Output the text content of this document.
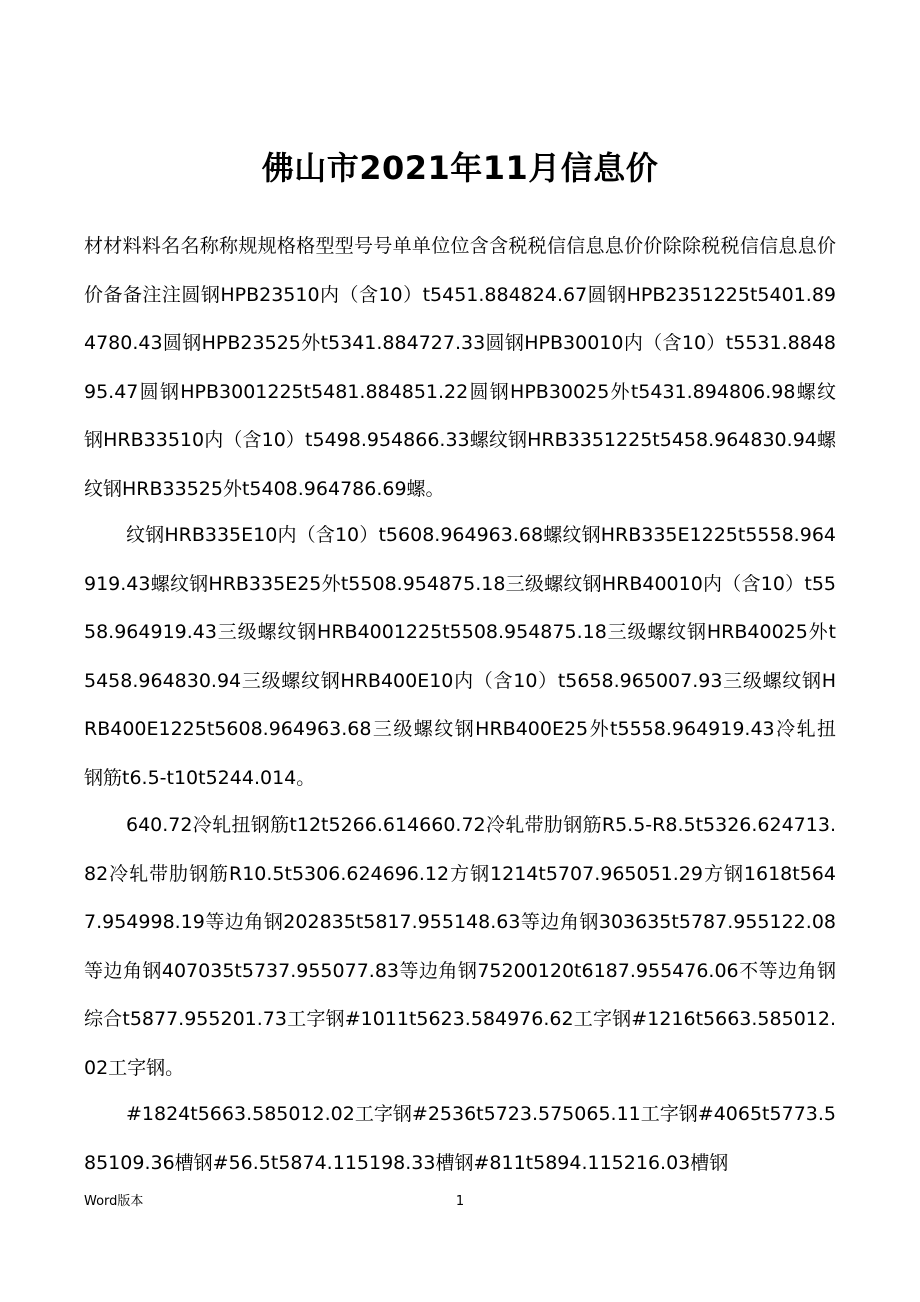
佛山市2021年11月信息价

材材料料名名称称规规格格型型号号单单位位含含税税信信息息价价除除税税信信息息价价备备注注圆钢HPB23510内（含10）t5451.884824.67圆钢HPB2351225t5401.894780.43圆钢HPB23525外t5341.884727.33圆钢HPB30010内（含10）t5531.884895.47圆钢HPB3001225t5481.884851.22圆钢HPB30025外t5431.894806.98螺纹钢HRB33510内（含10）t5498.954866.33螺纹钢HRB3351225t5458.964830.94螺纹钢HRB33525外t5408.964786.69螺。

纹钢HRB335E10内（含10）t5608.964963.68螺纹钢HRB335E1225t5558.964919.43螺纹钢HRB335E25外t5508.954875.18三级螺纹钢HRB40010内（含10）t5558.964919.43三级螺纹钢HRB4001225t5508.954875.18三级螺纹钢HRB40025外t5458.964830.94三级螺纹钢HRB400E10内（含10）t5658.965007.93三级螺纹钢HRB400E1225t5608.964963.68三级螺纹钢HRB400E25外t5558.964919.43冷轧扭钢筋t6.5-t10t5244.014。

640.72冷轧扭钢筋t12t5266.614660.72冷轧带肋钢筋R5.5-R8.5t5326.624713.82冷轧带肋钢筋R10.5t5306.624696.12方钢1214t5707.965051.29方钢1618t5647.954998.19等边角钢202835t5817.955148.63等边角钢303635t5787.955122.08等边角钢407035t5737.955077.83等边角钢75200120t6187.955476.06不等边角钢综合t5877.955201.73工字钢#1011t5623.584976.62工字钢#1216t5663.585012.02工字钢。

#1824t5663.585012.02工字钢#2536t5723.575065.11工字钢#4065t5773.585109.36槽钢#56.5t5874.115198.33槽钢#811t5894.115216.03槽钢

Word版本	1
